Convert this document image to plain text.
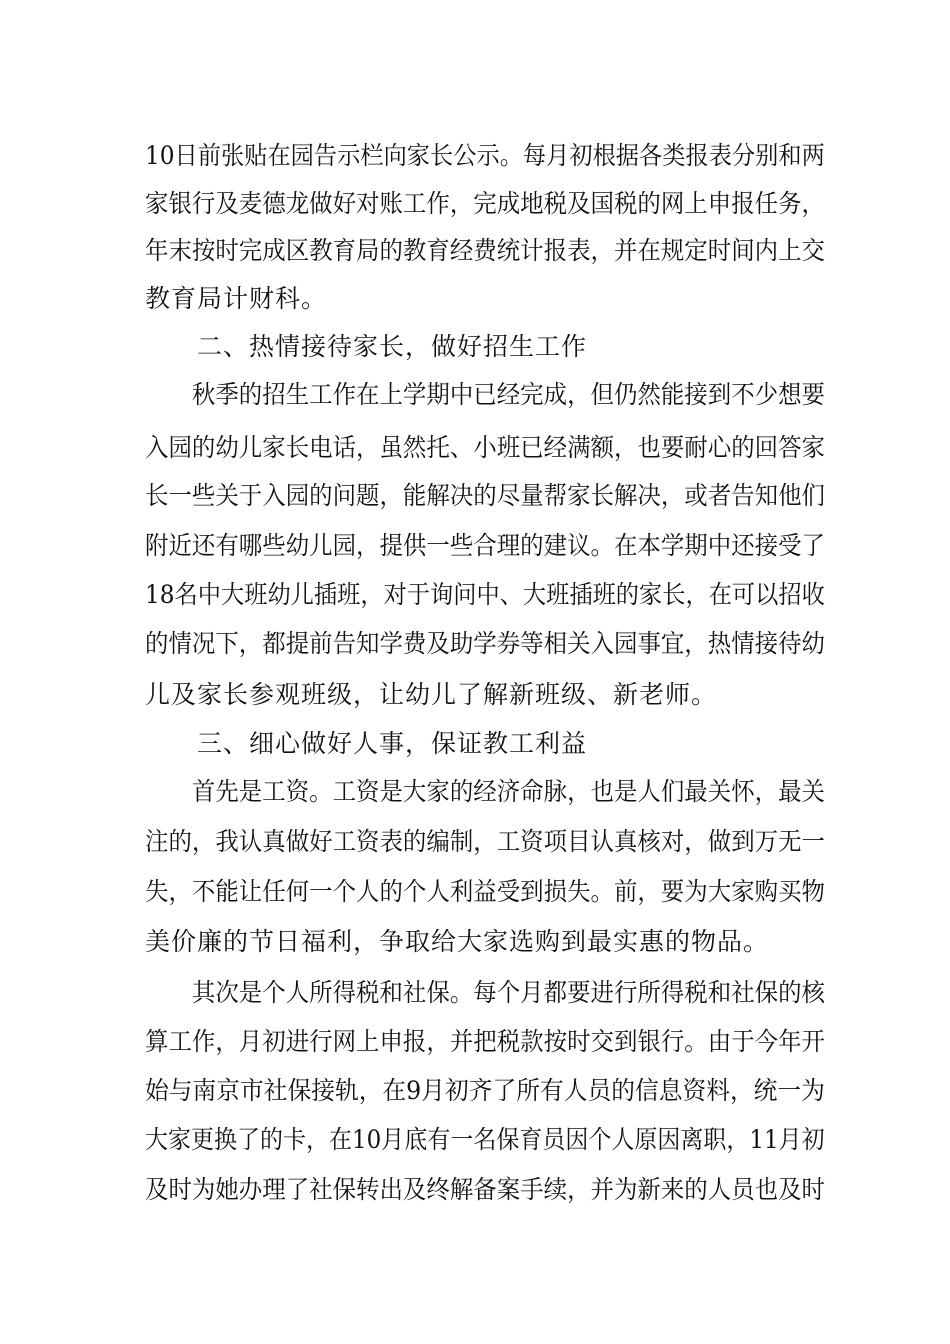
10日前张贴在园告示栏向家长公示。每月初根据各类报表分别和两
家银行及麦德龙做好对账工作，完成地税及国税的网上申报任务，
年末按时完成区教育局的教育经费统计报表，并在规定时间内上交
教育局计财科。
　　二、热情接待家长，做好招生工作
　　秋季的招生工作在上学期中已经完成，但仍然能接到不少想要
入园的幼儿家长电话，虽然托、小班已经满额，也要耐心的回答家
长一些关于入园的问题，能解决的尽量帮家长解决，或者告知他们
附近还有哪些幼儿园，提供一些合理的建议。在本学期中还接受了
18名中大班幼儿插班，对于询问中、大班插班的家长，在可以招收
的情况下，都提前告知学费及助学券等相关入园事宜，热情接待幼
儿及家长参观班级，让幼儿了解新班级、新老师。
　　三、细心做好人事，保证教工利益
　　首先是工资。工资是大家的经济命脉，也是人们最关怀，最关
注的，我认真做好工资表的编制，工资项目认真核对，做到万无一
失，不能让任何一个人的个人利益受到损失。前，要为大家购买物
美价廉的节日福利，争取给大家选购到最实惠的物品。
　　其次是个人所得税和社保。每个月都要进行所得税和社保的核
算工作，月初进行网上申报，并把税款按时交到银行。由于今年开
始与南京市社保接轨，在9月初齐了所有人员的信息资料，统一为
大家更换了的卡，在10月底有一名保育员因个人原因离职，11月初
及时为她办理了社保转出及终解备案手续，并为新来的人员也及时
